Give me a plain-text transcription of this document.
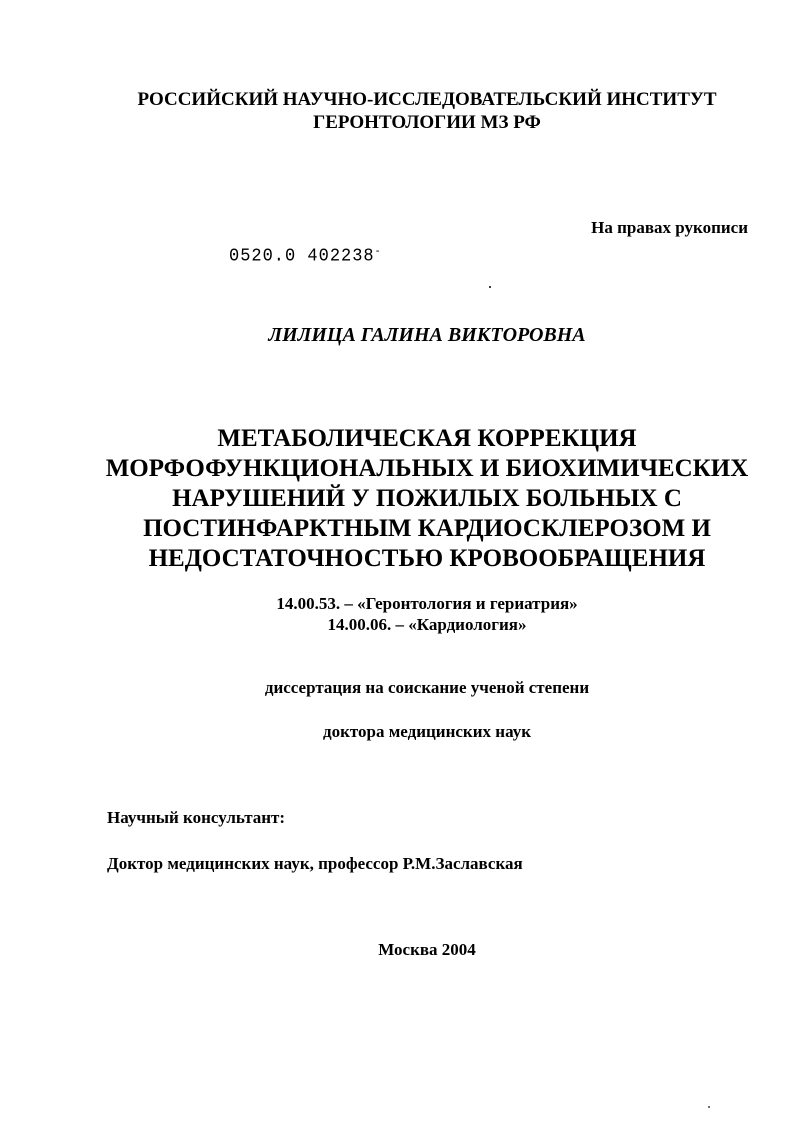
РОССИЙСКИЙ НАУЧНО-ИССЛЕДОВАТЕЛЬСКИЙ ИНСТИТУТ
ГЕРОНТОЛОГИИ МЗ РФ
На правах рукописи
0520.0 402238-
ЛИЛИЦА ГАЛИНА ВИКТОРОВНА
МЕТАБОЛИЧЕСКАЯ КОРРЕКЦИЯ
МОРФОФУНКЦИОНАЛЬНЫХ И БИОХИМИЧЕСКИХ
НАРУШЕНИЙ У ПОЖИЛЫХ БОЛЬНЫХ С
ПОСТИНФАРКТНЫМ КАРДИОСКЛЕРОЗОМ И
НЕДОСТАТОЧНОСТЬЮ КРОВООБРАЩЕНИЯ
14.00.53. – «Геронтология и гериатрия»
14.00.06. – «Кардиология»
диссертация на соискание ученой степени
доктора медицинских наук
Научный консультант:
Доктор медицинских наук, профессор Р.М.Заславская
Москва 2004
